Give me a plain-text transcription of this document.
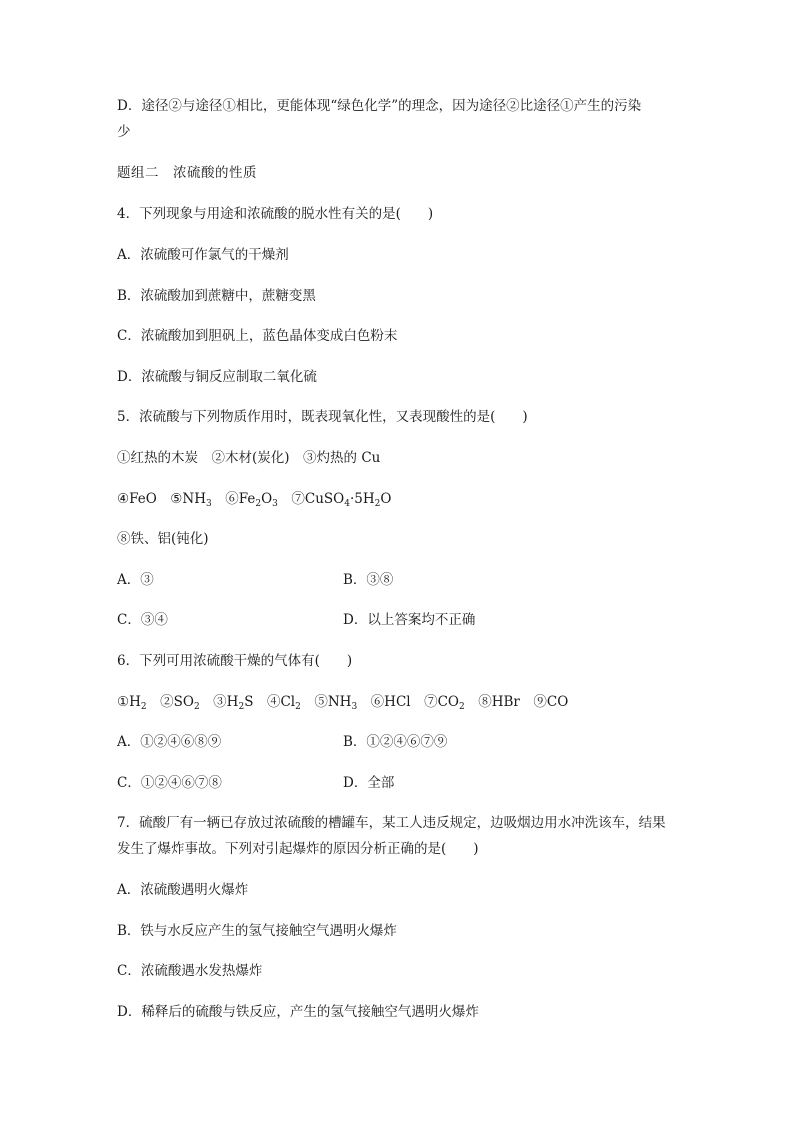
D．途径②与途径①相比，更能体现“绿色化学”的理念，因为途径②比途径①产生的污染
少
题组二　浓硫酸的性质
4．下列现象与用途和浓硫酸的脱水性有关的是(　　)
A．浓硫酸可作氯气的干燥剂
B．浓硫酸加到蔗糖中，蔗糖变黑
C．浓硫酸加到胆矾上，蓝色晶体变成白色粉末
D．浓硫酸与铜反应制取二氧化硫
5．浓硫酸与下列物质作用时，既表现氧化性，又表现酸性的是(　　)
①红热的木炭　②木材(炭化)　③灼热的 Cu
④FeO　$⑤NH_3$　$⑥Fe_2O_3$　$⑦CuSO_4\cdot 5H_2O$
⑧铁、铝(钝化)
A．③	B．③⑧
C．③④	D．以上答案均不正确
6．下列可用浓硫酸干燥的气体有(　　)
$①H_2$　$②SO_2$　$③H_2S$　$④Cl_2$　$⑤NH_3$　⑥HCl　$⑦CO_2$　⑧HBr　⑨CO
A．①②④⑥⑧⑨	B．①②④⑥⑦⑨
C．①②④⑥⑦⑧	D．全部
7．硫酸厂有一辆已存放过浓硫酸的槽罐车，某工人违反规定，边吸烟边用水冲洗该车，结果
发生了爆炸事故。下列对引起爆炸的原因分析正确的是(　　)
A．浓硫酸遇明火爆炸
B．铁与水反应产生的氢气接触空气遇明火爆炸
C．浓硫酸遇水发热爆炸
D．稀释后的硫酸与铁反应，产生的氢气接触空气遇明火爆炸
